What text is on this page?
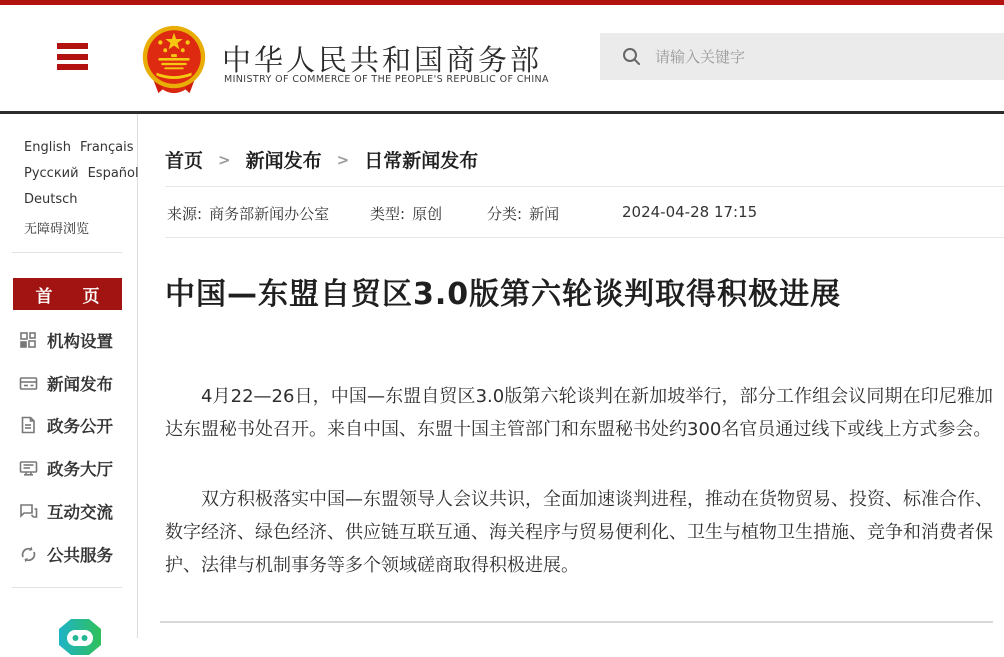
中华人民共和国商务部
MINISTRY OF COMMERCE OF THE PEOPLE'S REPUBLIC OF CHINA
请输入关键字
English Français
Русский Español
Deutsch
无障碍浏览
首 页
机构设置
新闻发布
政务公开
政务大厅
互动交流
公共服务
首页 > 新闻发布 > 日常新闻发布
来源: 商务部新闻办公室	类型: 原创	分类: 新闻	2024-04-28 17:15
中国—东盟自贸区3.0版第六轮谈判取得积极进展

4月22—26日，中国—东盟自贸区3.0版第六轮谈判在新加坡举行，部分工作组会议同期在印尼雅加达东盟秘书处召开。来自中国、东盟十国主管部门和东盟秘书处约300名官员通过线下或线上方式参会。

双方积极落实中国—东盟领导人会议共识，全面加速谈判进程，推动在货物贸易、投资、标准合作、数字经济、绿色经济、供应链互联互通、海关程序与贸易便利化、卫生与植物卫生措施、竞争和消费者保护、法律与机制事务等多个领域磋商取得积极进展。
